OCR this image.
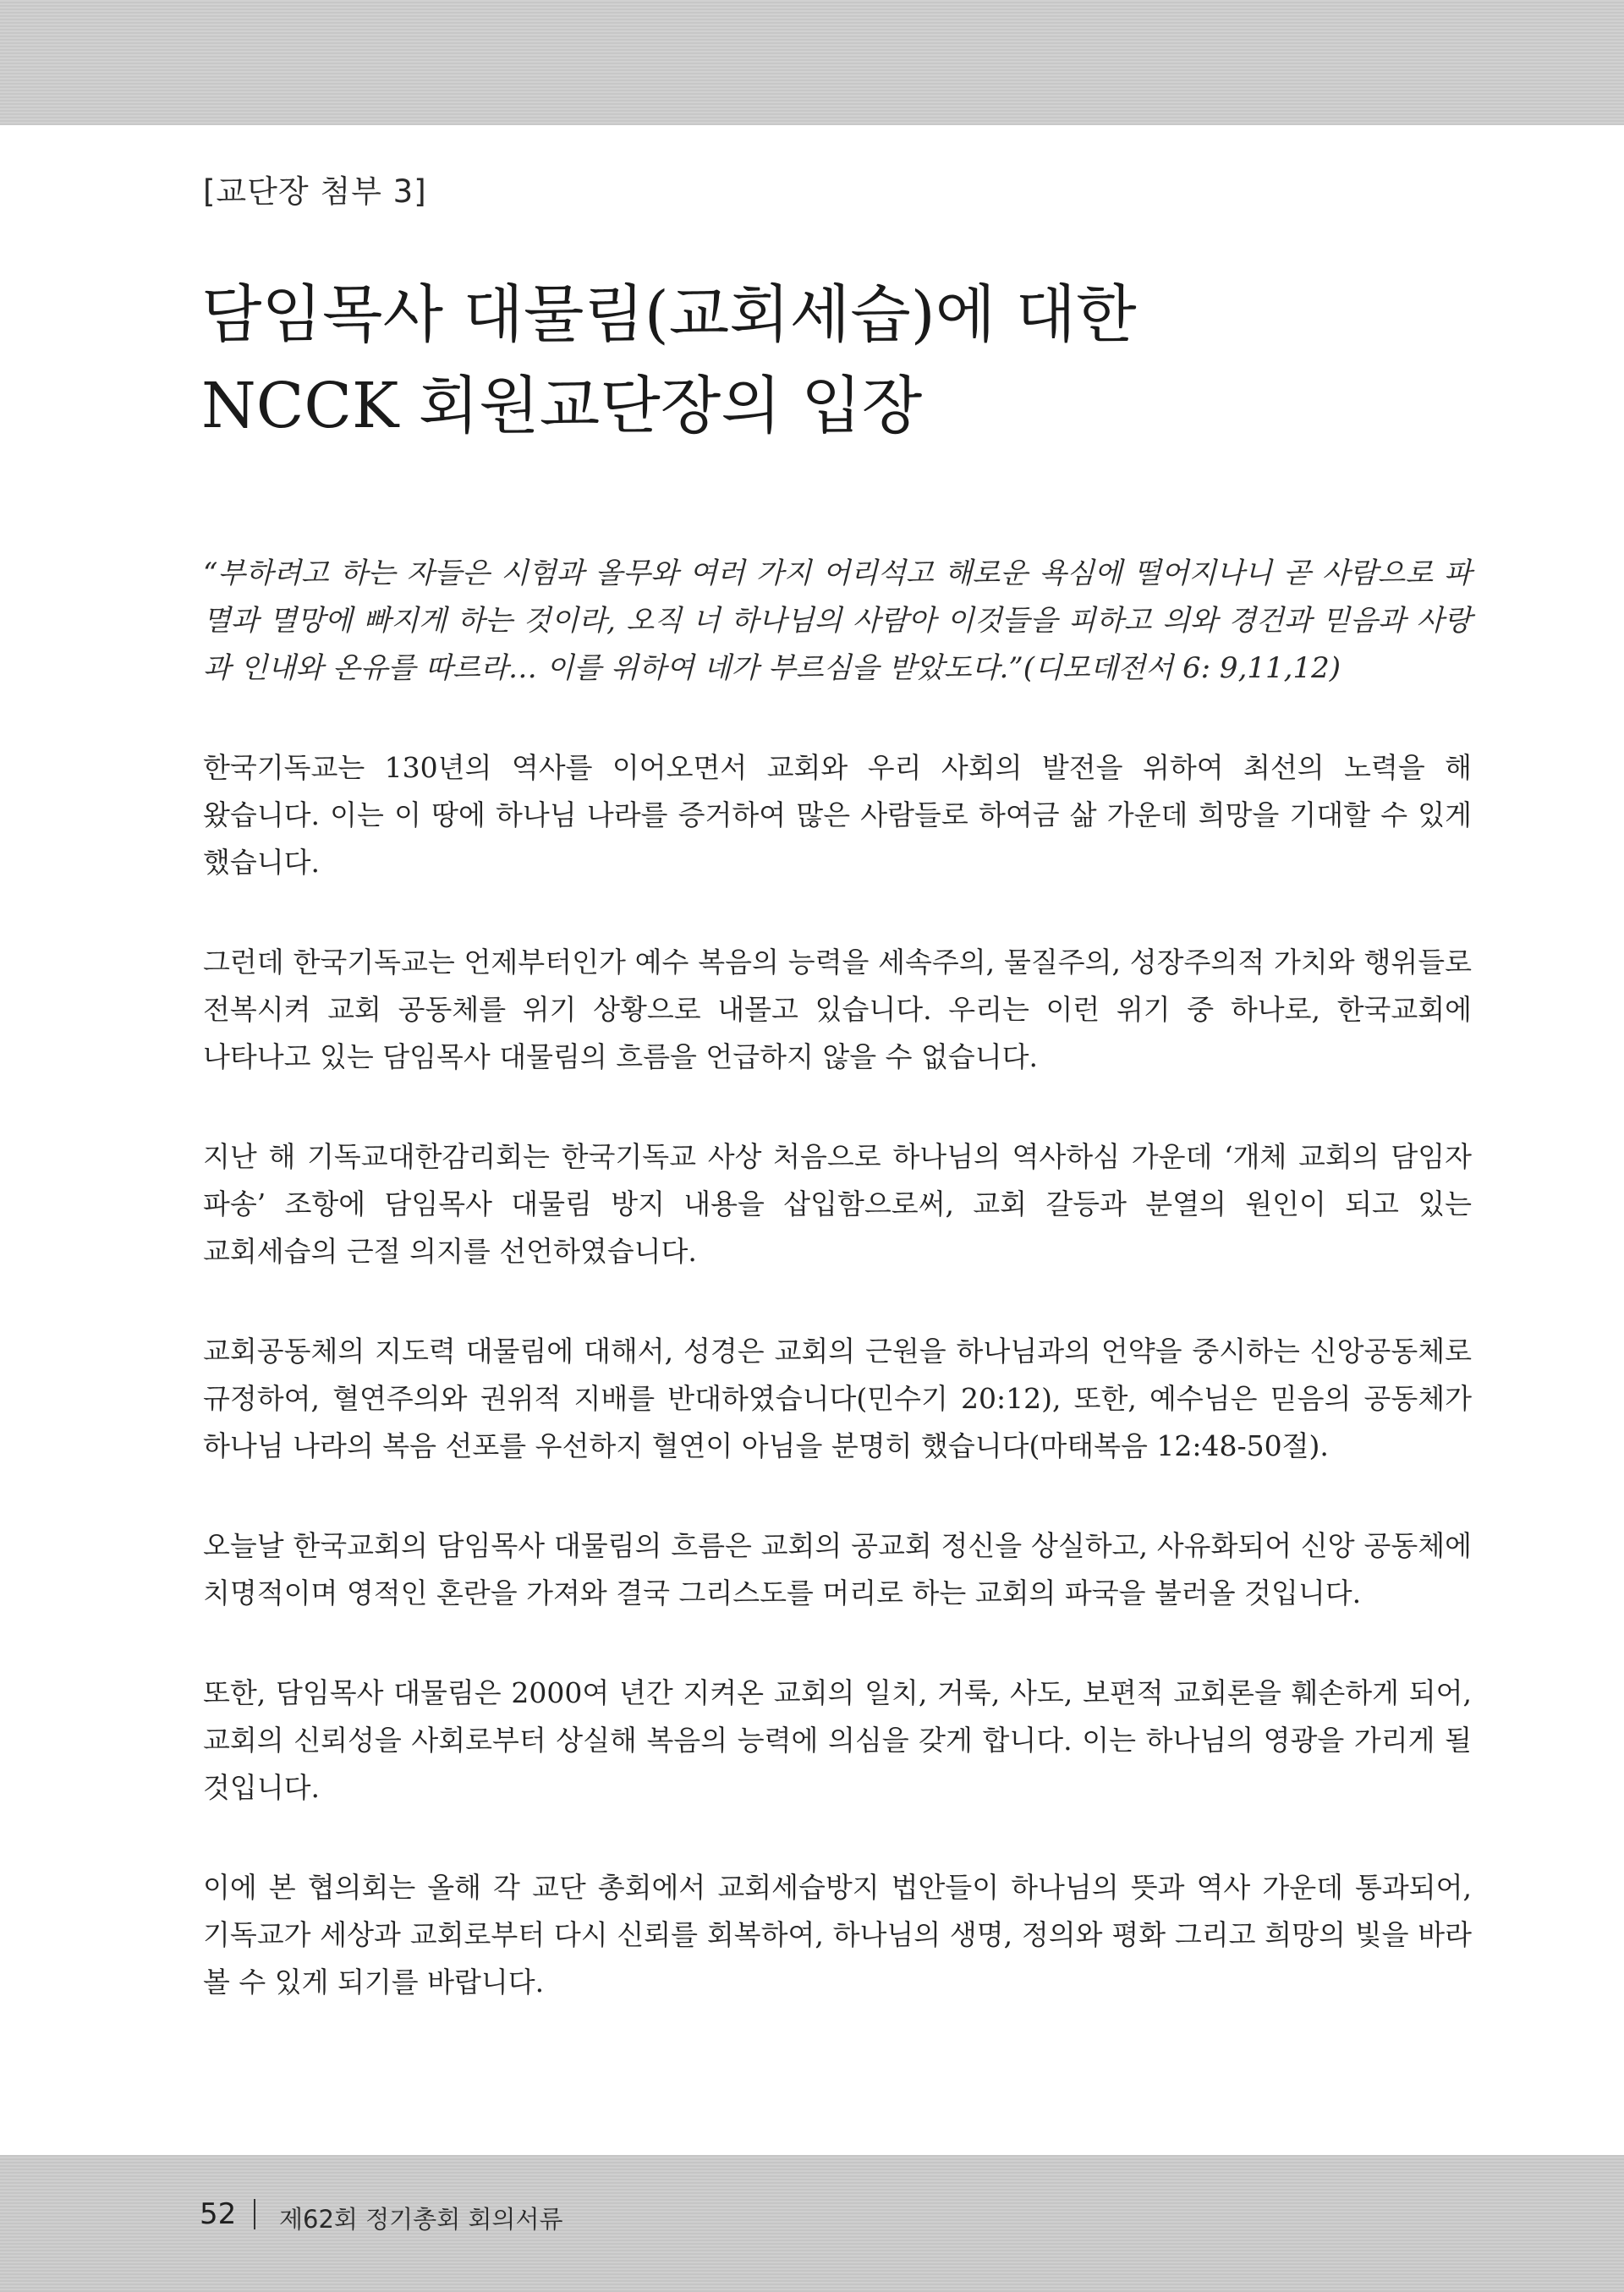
[교단장 첨부 3]
담임목사 대물림(교회세습)에 대한
NCCK 회원교단장의 입장

“부하려고 하는 자들은 시험과 올무와 여러 가지 어리석고 해로운 욕심에 떨어지나니 곧 사람으로 파멸과 멸망에 빠지게 하는 것이라, 오직 너 하나님의 사람아 이것들을 피하고 의와 경건과 믿음과 사랑과 인내와 온유를 따르라… 이를 위하여 네가 부르심을 받았도다.”(디모데전서 6: 9,11,12)

한국기독교는 130년의 역사를 이어오면서 교회와 우리 사회의 발전을 위하여 최선의 노력을 해 왔습니다. 이는 이 땅에 하나님 나라를 증거하여 많은 사람들로 하여금 삶 가운데 희망을 기대할 수 있게 했습니다.

그런데 한국기독교는 언제부터인가 예수 복음의 능력을 세속주의, 물질주의, 성장주의적 가치와 행위들로 전복시켜 교회 공동체를 위기 상황으로 내몰고 있습니다. 우리는 이런 위기 중 하나로, 한국교회에 나타나고 있는 담임목사 대물림의 흐름을 언급하지 않을 수 없습니다.

지난 해 기독교대한감리회는 한국기독교 사상 처음으로 하나님의 역사하심 가운데 ‘개체 교회의 담임자 파송’ 조항에 담임목사 대물림 방지 내용을 삽입함으로써, 교회 갈등과 분열의 원인이 되고 있는 교회세습의 근절 의지를 선언하였습니다.

교회공동체의 지도력 대물림에 대해서, 성경은 교회의 근원을 하나님과의 언약을 중시하는 신앙공동체로 규정하여, 혈연주의와 권위적 지배를 반대하였습니다(민수기 20:12), 또한, 예수님은 믿음의 공동체가 하나님 나라의 복음 선포를 우선하지 혈연이 아님을 분명히 했습니다(마태복음 12:48-50절).

오늘날 한국교회의 담임목사 대물림의 흐름은 교회의 공교회 정신을 상실하고, 사유화되어 신앙 공동체에 치명적이며 영적인 혼란을 가져와 결국 그리스도를 머리로 하는 교회의 파국을 불러올 것입니다.

또한, 담임목사 대물림은 2000여 년간 지켜온 교회의 일치, 거룩, 사도, 보편적 교회론을 훼손하게 되어, 교회의 신뢰성을 사회로부터 상실해 복음의 능력에 의심을 갖게 합니다. 이는 하나님의 영광을 가리게 될 것입니다.

이에 본 협의회는 올해 각 교단 총회에서 교회세습방지 법안들이 하나님의 뜻과 역사 가운데 통과되어, 기독교가 세상과 교회로부터 다시 신뢰를 회복하여, 하나님의 생명, 정의와 평화 그리고 희망의 빛을 바라 볼 수 있게 되기를 바랍니다.

52 제62회 정기총회 회의서류
